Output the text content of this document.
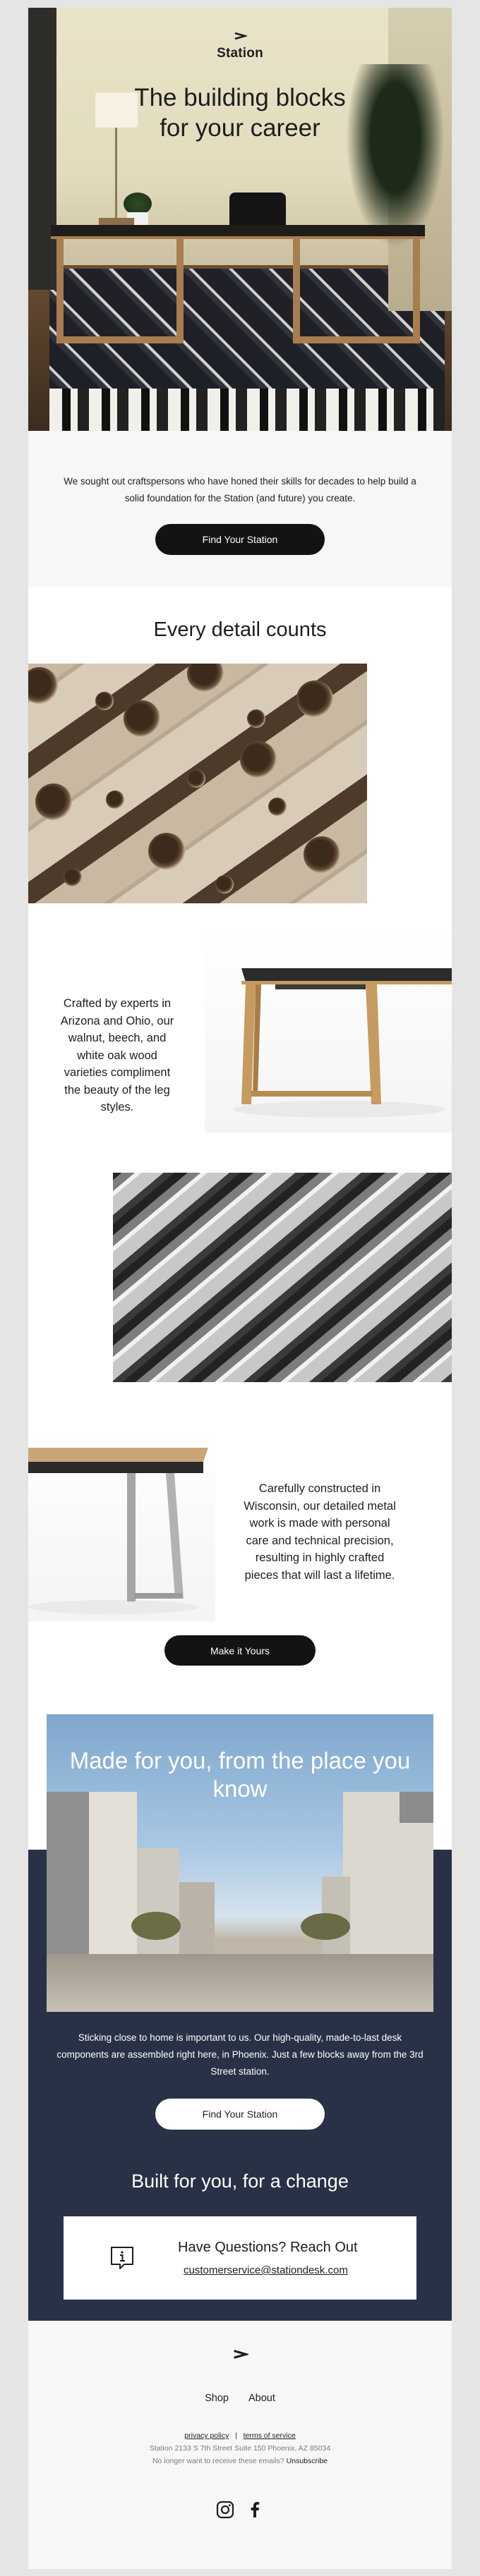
Station
The building blocks
for your career

We sought out craftspersons who have honed their skills for decades to help build a solid foundation for the Station (and future) you create.

Find Your Station
Every detail counts
Crafted by experts in Arizona and Ohio, our walnut, beech, and white oak wood varieties compliment the beauty of the leg styles.
Carefully constructed in Wisconsin, our detailed metal work is made with personal care and technical precision, resulting in highly crafted pieces that will last a lifetime.
Make it Yours

Sticking close to home is important to us. Our high-quality, made-to-last desk components are assembled right here, in Phoenix. Just a few blocks away from the 3rd Street station.

Find Your Station
Built for you, for a change
Have Questions? Reach Out
customerservice@stationdesk.com
Made for you, from the place you know
Shop About
privacy policy | terms of service
Station 2133 S 7th Street Suite 150 Phoenix, AZ 85034
No longer want to receive these emails? Unsubscribe
